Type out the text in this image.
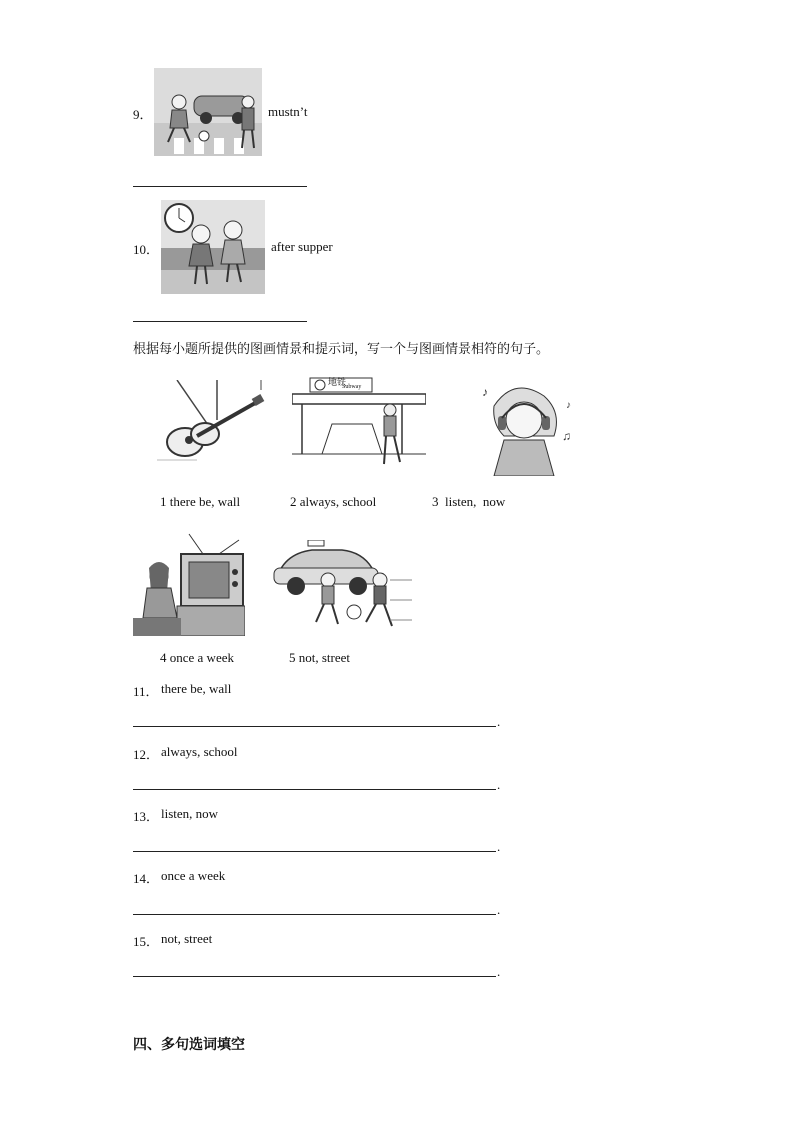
9．	mustn’t
10．	after supper
根据每小题所提供的图画情景和提示词，写一个与图画情景相符的句子。
地铁
Subway	♪
♫
♪
1 there be, wall	2 always, school	3  listen,  now
4 once a week	5 not, street
11． there be, wall
.
12． always, school
.
13． listen, now
.
14． once a week
.
15． not, street
.
四、多句选词填空
